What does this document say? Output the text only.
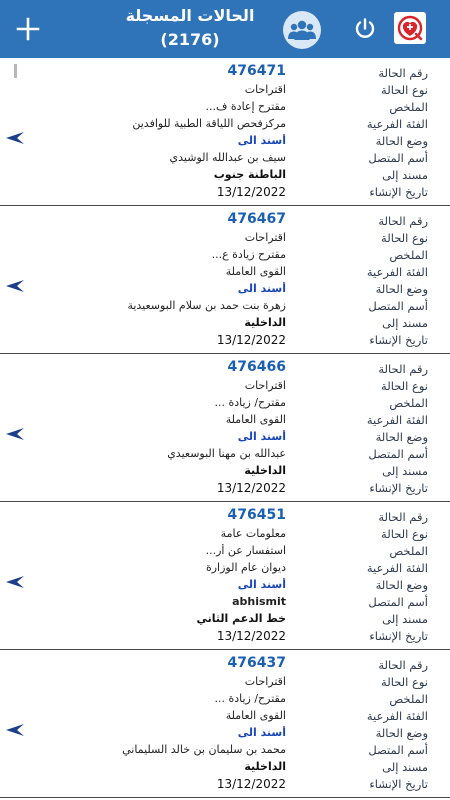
الحالات المسجلة
(2176)
476471	رقم الحالة
اقتراحات	نوع الحالة
مقترح إعادة ف...	الملخص
مركزفحص اللياقة الطبية للوافدين	الفئة الفرعية
أسند الى	وضع الحالة
سيف بن عبدالله الوشيدي	أسم المتصل
الباطنة جنوب	مسند إلى
13/12/2022	تاريخ الإنشاء
476467	رقم الحالة
اقتراحات	نوع الحالة
مقترح زيادة ع...	الملخص
القوى العاملة	الفئة الفرعية
أسند الى	وضع الحالة
زهرة بنت حمد بن سلام البوسعيدية	أسم المتصل
الداخلية	مسند إلى
13/12/2022	تاريخ الإنشاء
476466	رقم الحالة
اقتراحات	نوع الحالة
مقترح/ زيادة ...	الملخص
القوى العاملة	الفئة الفرعية
أسند الى	وضع الحالة
عبدالله بن مهنا البوسعيدي	أسم المتصل
الداخلية	مسند إلى
13/12/2022	تاريخ الإنشاء
476451	رقم الحالة
معلومات عامة	نوع الحالة
استفسار عن أر...	الملخص
ديوان عام الوزارة	الفئة الفرعية
أسند الى	وضع الحالة
abhismit	أسم المتصل
خط الدعم الثاني	مسند إلى
13/12/2022	تاريخ الإنشاء
476437	رقم الحالة
اقتراحات	نوع الحالة
مقترح/ زيادة ...	الملخص
القوى العاملة	الفئة الفرعية
أسند الى	وضع الحالة
محمد بن سليمان بن خالد السليماني	أسم المتصل
الداخلية	مسند إلى
13/12/2022	تاريخ الإنشاء
